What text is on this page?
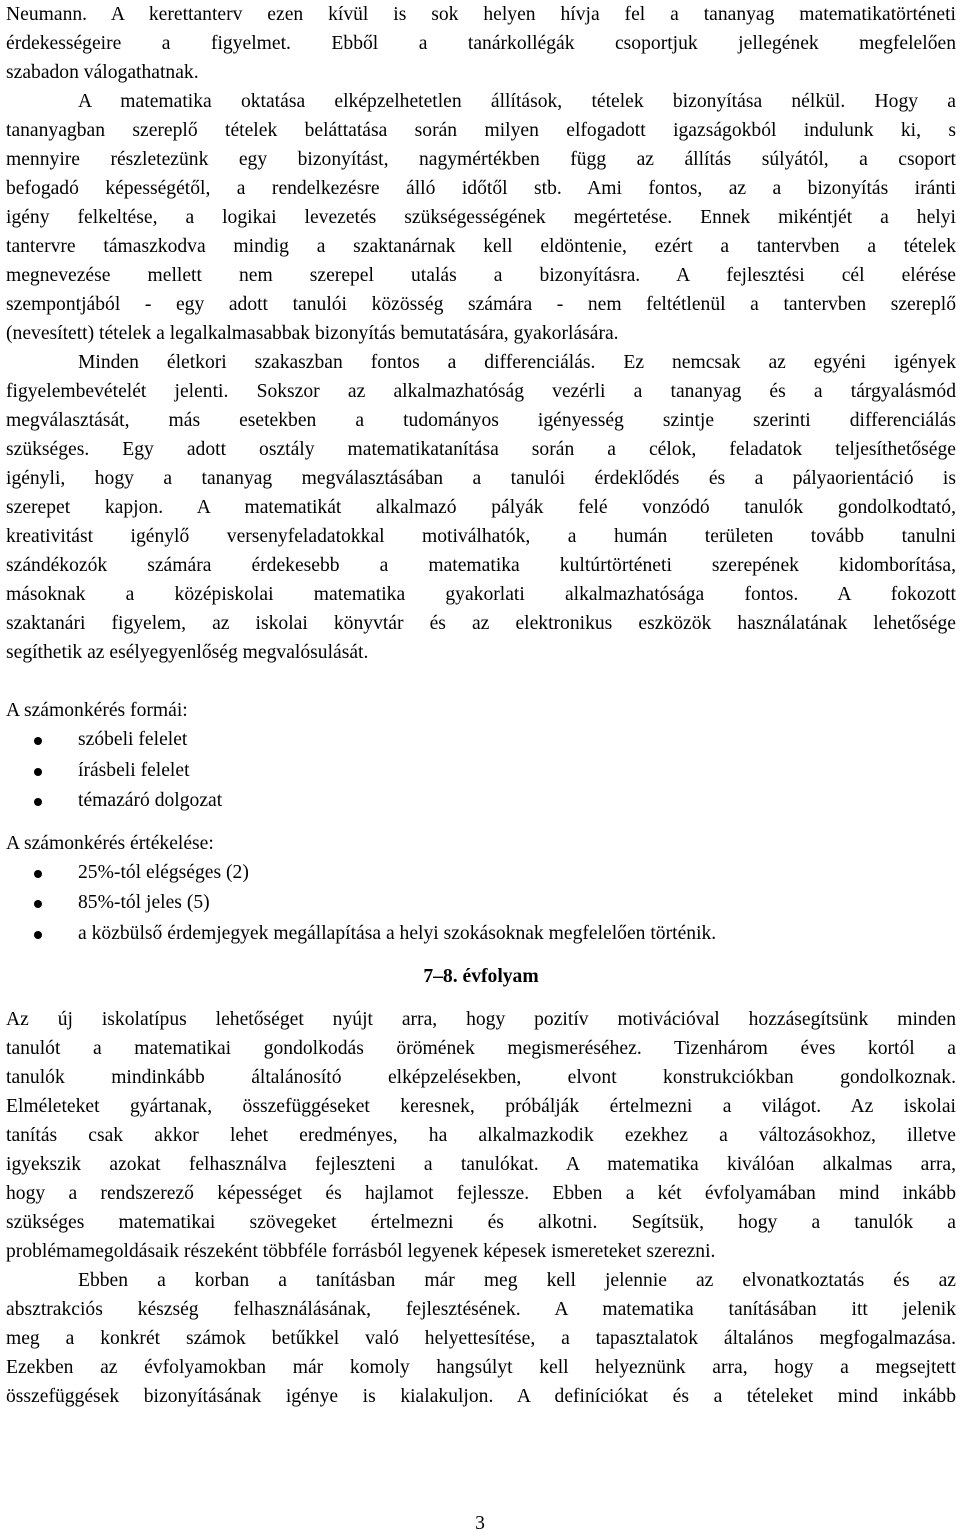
Neumann. A kerettanterv ezen kívül is sok helyen hívja fel a tananyag matematikatörténeti
érdekességeire a figyelmet. Ebből a tanárkollégák csoportjuk jellegének megfelelően
szabadon válogathatnak.

A matematika oktatása elképzelhetetlen állítások, tételek bizonyítása nélkül. Hogy a
tananyagban szereplő tételek beláttatása során milyen elfogadott igazságokból indulunk ki, s
mennyire részletezünk egy bizonyítást, nagymértékben függ az állítás súlyától, a csoport
befogadó képességétől, a rendelkezésre álló időtől stb. Ami fontos, az a bizonyítás iránti
igény felkeltése, a logikai levezetés szükségességének megértetése. Ennek mikéntjét a helyi
tantervre támaszkodva mindig a szaktanárnak kell eldöntenie, ezért a tantervben a tételek
megnevezése mellett nem szerepel utalás a bizonyításra. A fejlesztési cél elérése
szempontjából - egy adott tanulói közösség számára - nem feltétlenül a tantervben szereplő
(nevesített) tételek a legalkalmasabbak bizonyítás bemutatására, gyakorlására.

Minden életkori szakaszban fontos a differenciálás. Ez nemcsak az egyéni igények
figyelembevételét jelenti. Sokszor az alkalmazhatóság vezérli a tananyag és a tárgyalásmód
megválasztását, más esetekben a tudományos igényesség szintje szerinti differenciálás
szükséges. Egy adott osztály matematikatanítása során a célok, feladatok teljesíthetősége
igényli, hogy a tananyag megválasztásában a tanulói érdeklődés és a pályaorientáció is
szerepet kapjon. A matematikát alkalmazó pályák felé vonzódó tanulók gondolkodtató,
kreativitást igénylő versenyfeladatokkal motiválhatók, a humán területen tovább tanulni
szándékozók számára érdekesebb a matematika kultúrtörténeti szerepének kidomborítása,
másoknak a középiskolai matematika gyakorlati alkalmazhatósága fontos. A fokozott
szaktanári figyelem, az iskolai könyvtár és az elektronikus eszközök használatának lehetősége
segíthetik az esélyegyenlőség megvalósulását.

A számonkérés formái:
szóbeli felelet
írásbeli felelet
témazáró dolgozat
A számonkérés értékelése:
25%-tól elégséges (2)
85%-tól jeles (5)
a közbülső érdemjegyek megállapítása a helyi szokásoknak megfelelően történik.
7–8. évfolyam

Az új iskolatípus lehetőséget nyújt arra, hogy pozitív motivációval hozzásegítsünk minden
tanulót a matematikai gondolkodás örömének megismeréséhez. Tizenhárom éves kortól a
tanulók mindinkább általánosító elképzelésekben, elvont konstrukciókban gondolkoznak.
Elméleteket gyártanak, összefüggéseket keresnek, próbálják értelmezni a világot. Az iskolai
tanítás csak akkor lehet eredményes, ha alkalmazkodik ezekhez a változásokhoz, illetve
igyekszik azokat felhasználva fejleszteni a tanulókat. A matematika kiválóan alkalmas arra,
hogy a rendszerező képességet és hajlamot fejlessze. Ebben a két évfolyamában mind inkább
szükséges matematikai szövegeket értelmezni és alkotni. Segítsük, hogy a tanulók a
problémamegoldásaik részeként többféle forrásból legyenek képesek ismereteket szerezni.

Ebben a korban a tanításban már meg kell jelennie az elvonatkoztatás és az
absztrakciós készség felhasználásának, fejlesztésének. A matematika tanításában itt jelenik
meg a konkrét számok betűkkel való helyettesítése, a tapasztalatok általános megfogalmazása.
Ezekben az évfolyamokban már komoly hangsúlyt kell helyeznünk arra, hogy a megsejtett
összefüggések bizonyításának igénye is kialakuljon. A definíciókat és a tételeket mind inkább

3
